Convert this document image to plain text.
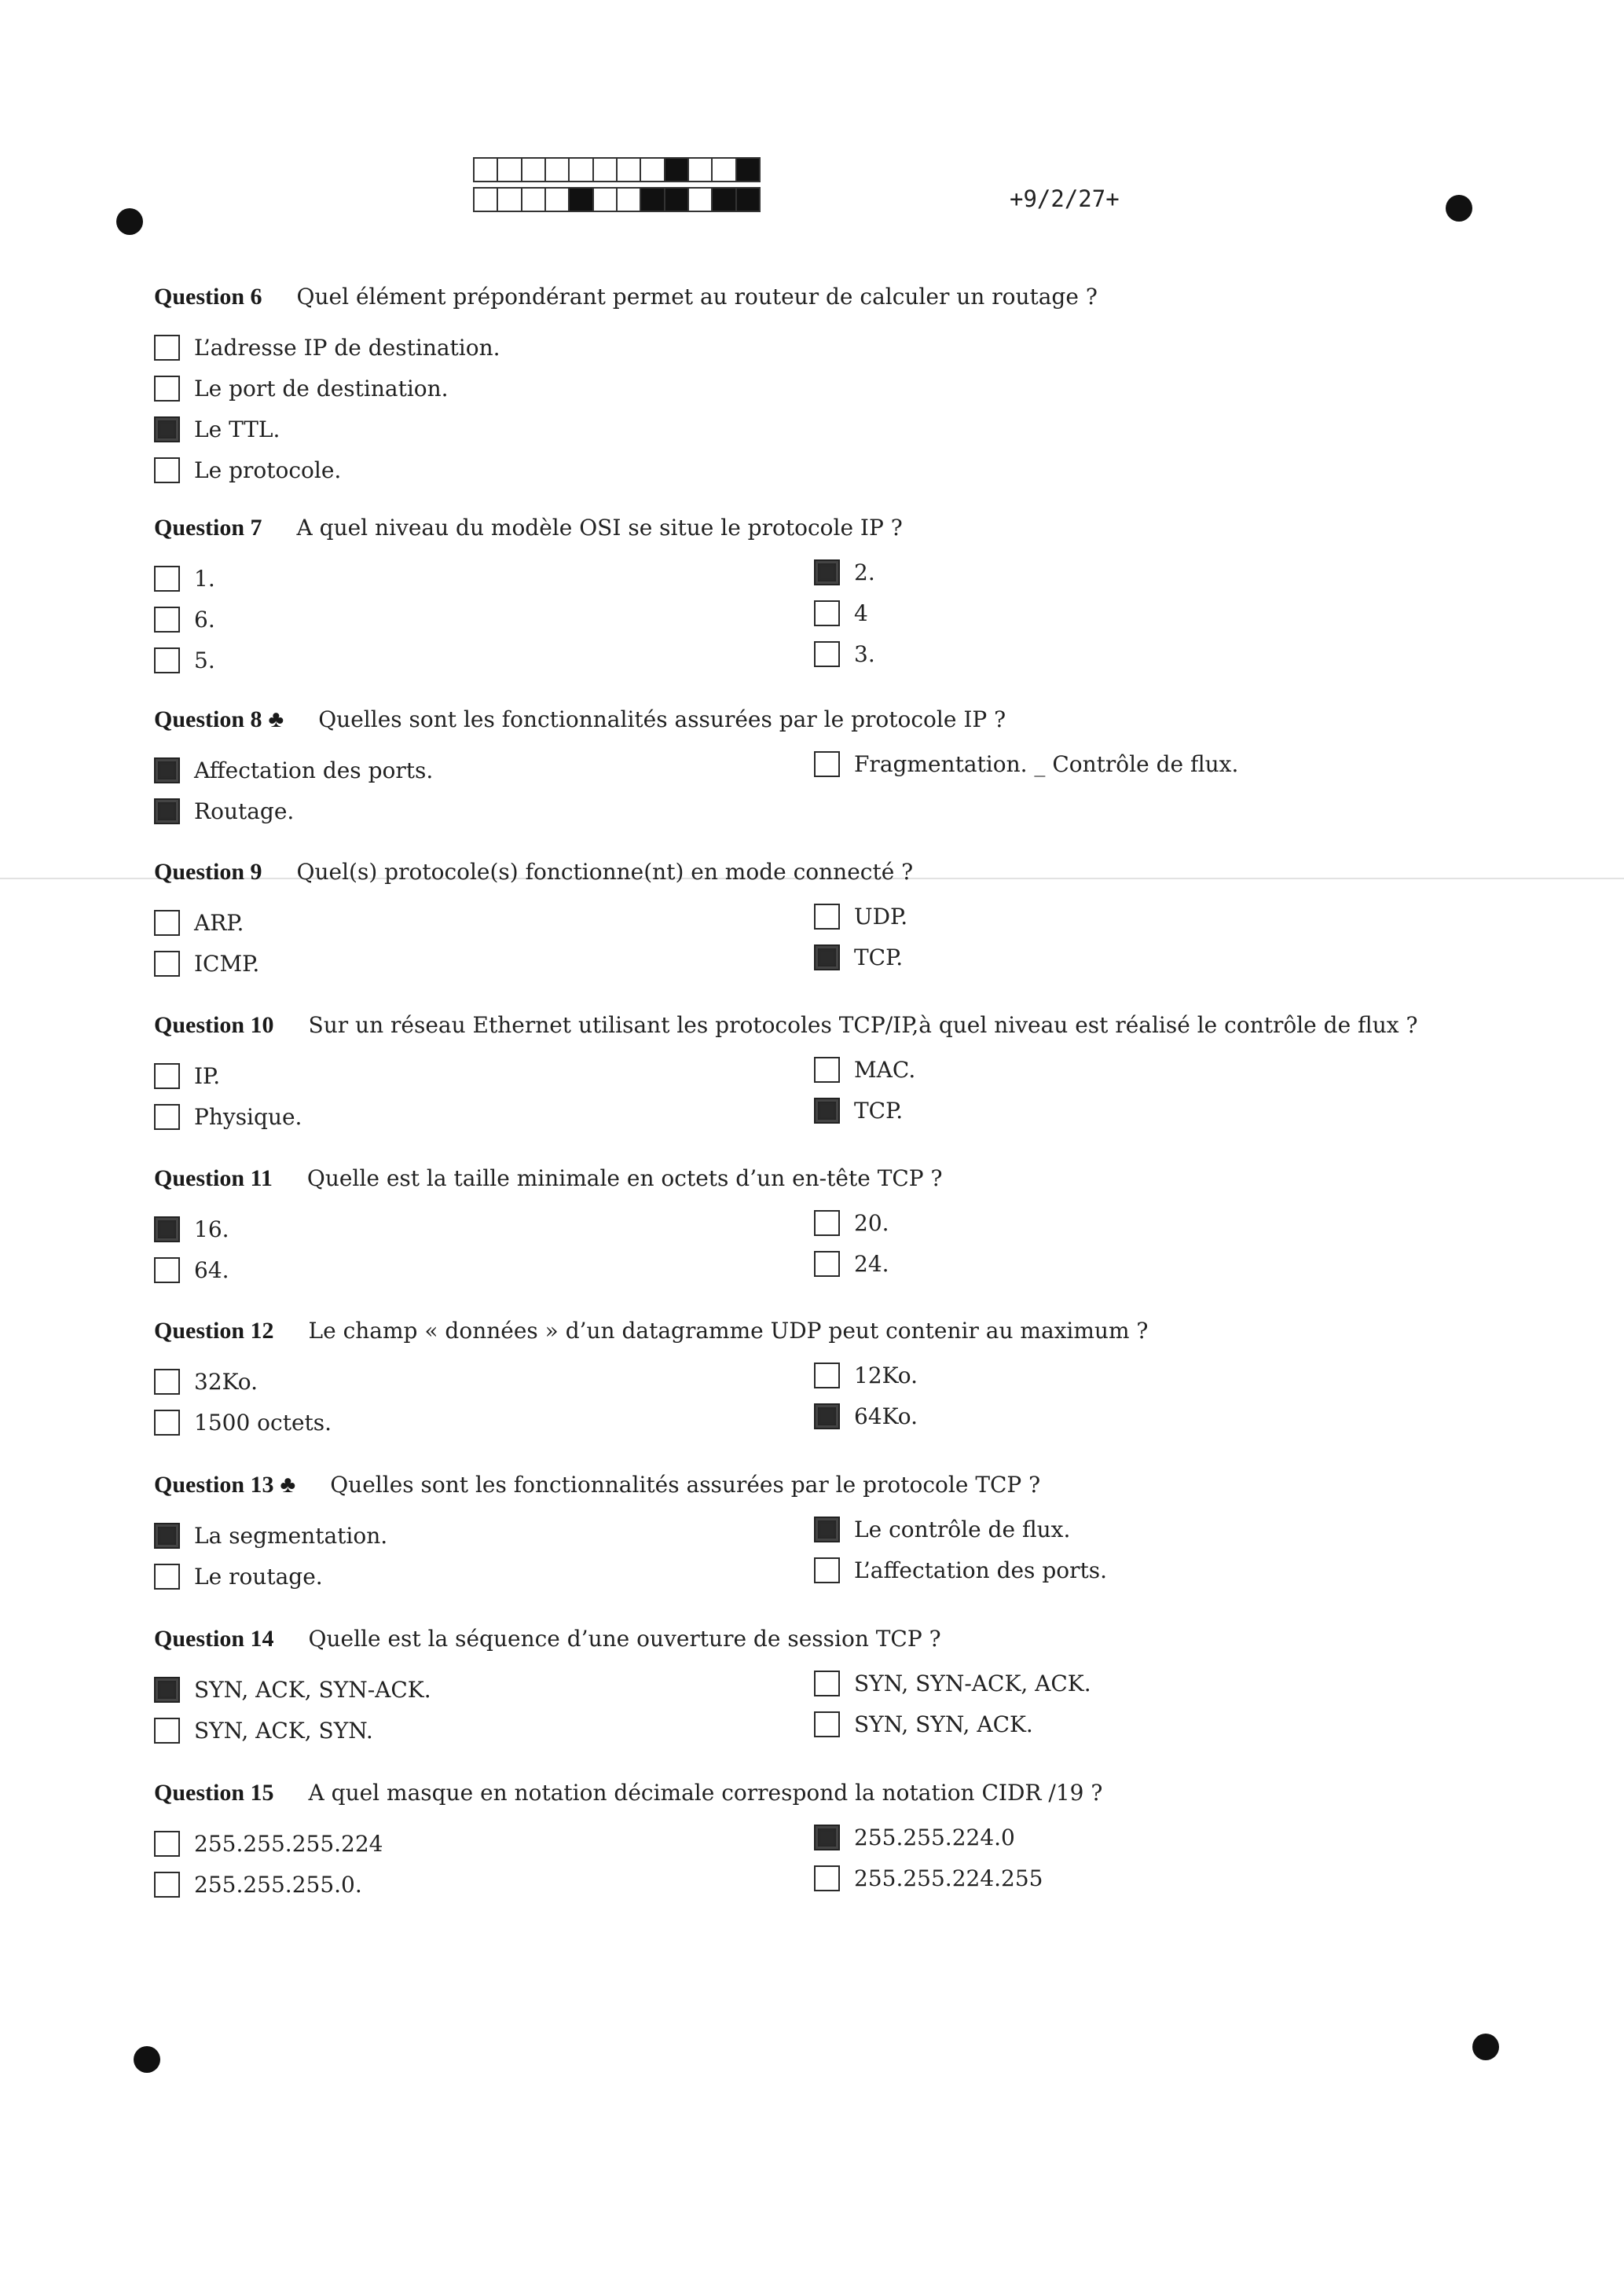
+9/2/27+
Question 6 Quel élément prépondérant permet au routeur de calculer un routage ?
L’adresse IP de destination.
Le port de destination.
Le TTL.
Le protocole.
Question 7 A quel niveau du modèle OSI se situe le protocole IP ?
1.
6.
5.
2.
4
3.
Question 8 ♣ Quelles sont les fonctionnalités assurées par le protocole IP ?
Affectation des ports.
Routage.
Fragmentation. _ Contrôle de flux.
Question 9 Quel(s) protocole(s) fonctionne(nt) en mode connecté ?
ARP.
ICMP.
UDP.
TCP.
Question 10 Sur un réseau Ethernet utilisant les protocoles TCP/IP,à quel niveau est réalisé le contrôle de flux ?
IP.
Physique.
MAC.
TCP.
Question 11 Quelle est la taille minimale en octets d’un en-tête TCP ?
16.
64.
20.
24.
Question 12 Le champ « données » d’un datagramme UDP peut contenir au maximum ?
32Ko.
1500 octets.
12Ko.
64Ko.
Question 13 ♣ Quelles sont les fonctionnalités assurées par le protocole TCP ?
La segmentation.
Le routage.
Le contrôle de flux.
L’affectation des ports.
Question 14 Quelle est la séquence d’une ouverture de session TCP ?
SYN, ACK, SYN-ACK.
SYN, ACK, SYN.
SYN, SYN-ACK, ACK.
SYN, SYN, ACK.
Question 15 A quel masque en notation décimale correspond la notation CIDR /19 ?
255.255.255.224
255.255.255.0.
255.255.224.0
255.255.224.255
